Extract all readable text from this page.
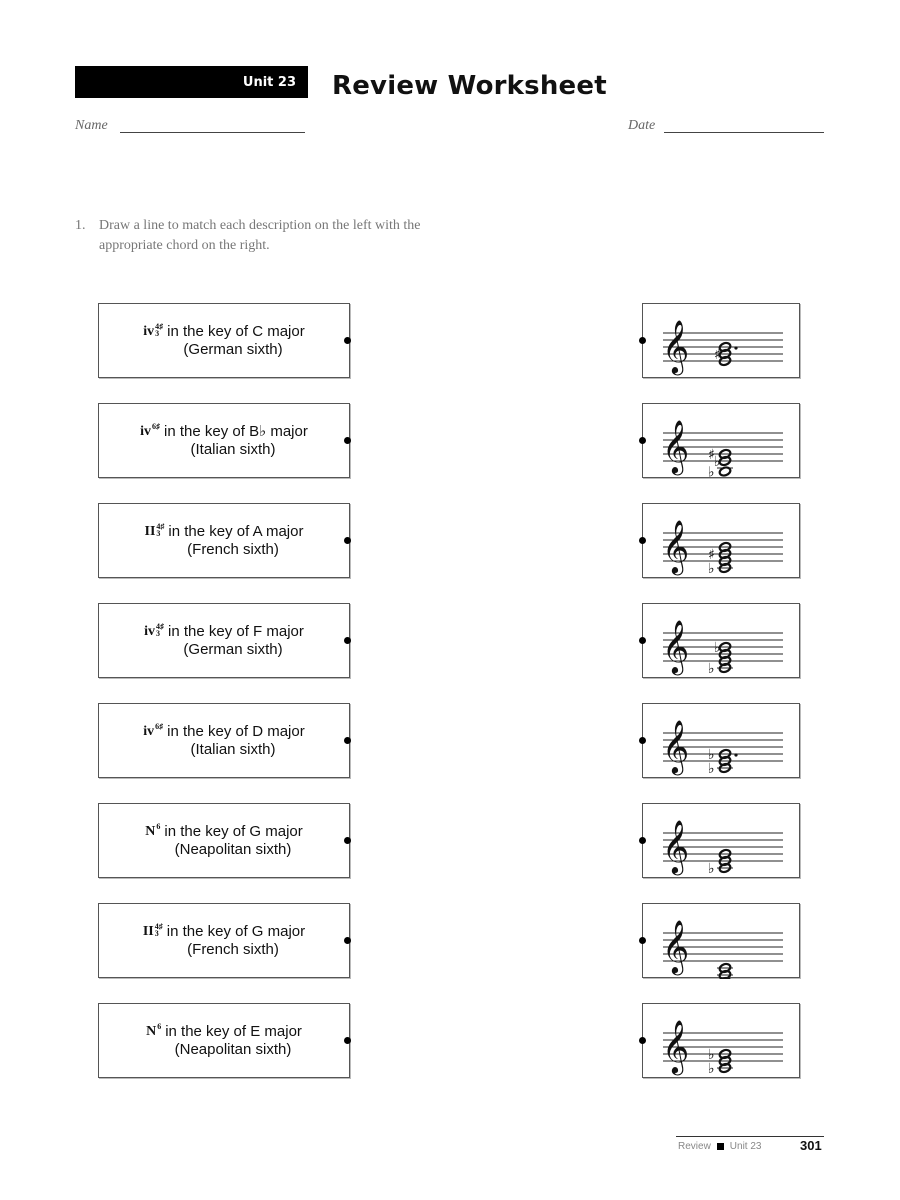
Unit 23 Review Worksheet
Name	Date
1. Draw a line to match each description on the left with the appropriate chord on the right.
iv 4♯
3 in the key of C major
(German sixth)
iv 6♯ in the key of B♭ major
(Italian sixth)
II 4♯
3 in the key of A major
(French sixth)
iv 4♯
3 in the key of F major
(German sixth)
iv 6♯ in the key of D major
(Italian sixth)
N 6 in the key of G major
(Neapolitan sixth)
II 4♯
3 in the key of G major
(French sixth)
N 6 in the key of E major
(Neapolitan sixth)
𝄞 ♯
𝄞 ♭
♭
♯
𝄞 ♭
♯
𝄞 ♭
♭
𝄞 ♭
♭
𝄞 ♭
𝄞
𝄞 ♭
♭
Review Unit 23	301
